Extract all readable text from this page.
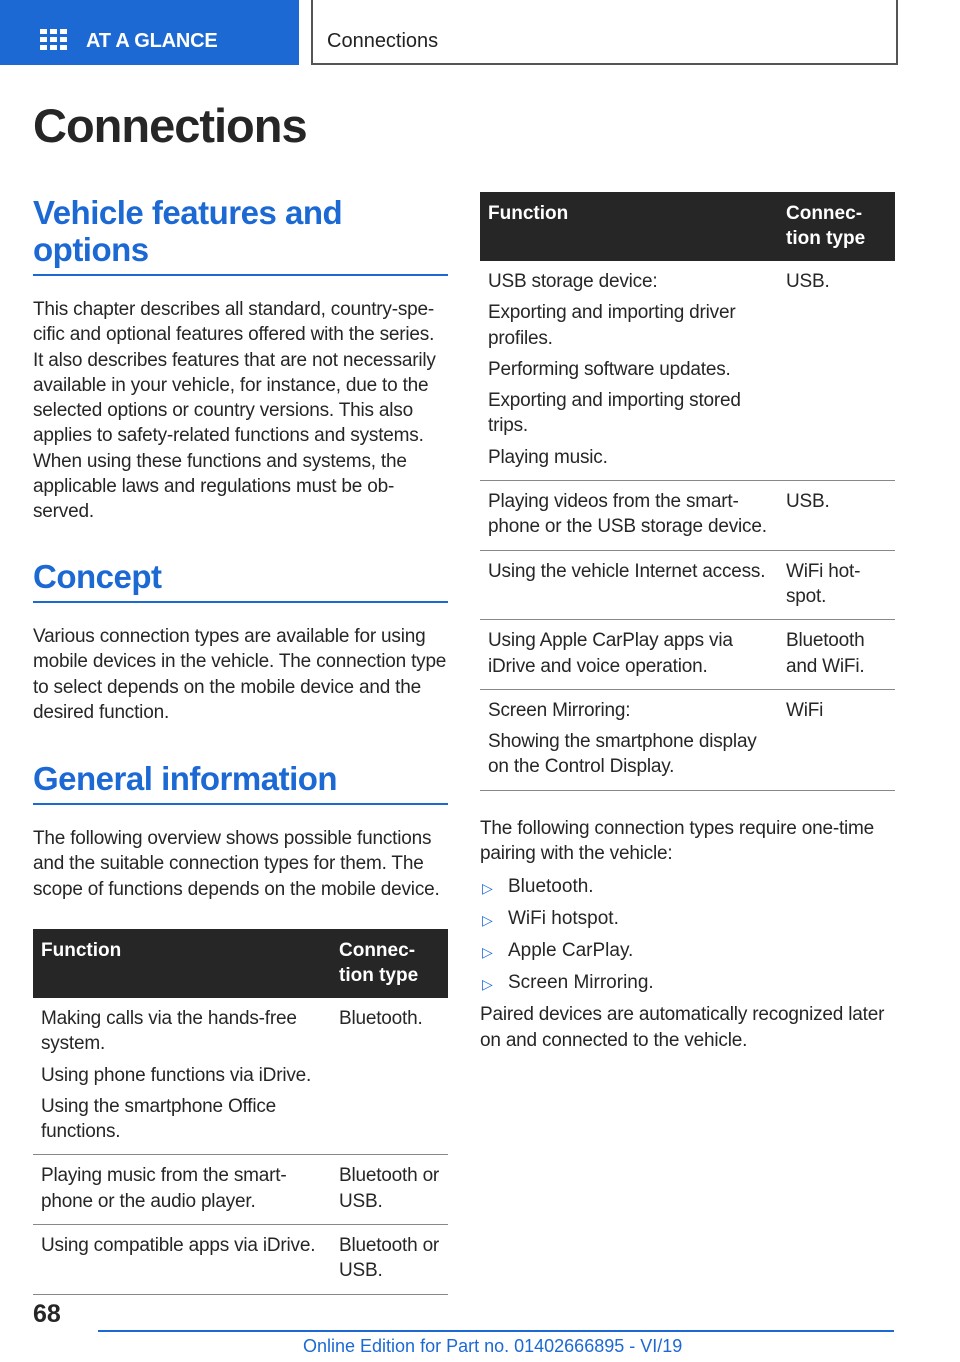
AT A GLANCE	Connections
Connections
Vehicle features and options

This chapter describes all standard, country-specific and optional features offered with the series. It also describes features that are not necessarily available in your vehicle, for instance, due to the selected options or country versions. This also applies to safety-related functions and systems. When using these functions and systems, the applicable laws and regulations must be observed.

Concept

Various connection types are available for using mobile devices in the vehicle. The connection type to select depends on the mobile device and the desired function.

General information

The following overview shows possible functions and the suitable connection types for them. The scope of functions depends on the mobile device.

Function	Connection type

Making calls via the hands-free system.

Using phone functions via iDrive.

Using the smartphone Office functions.	Bluetooth.

Playing music from the smartphone or the audio player.	Bluetooth or USB.

Using compatible apps via iDrive.	Bluetooth or USB.
Function	Connection type

USB storage device:

Exporting and importing driver profiles.

Performing software updates.

Exporting and importing stored trips.

Playing music.	USB.

Playing videos from the smartphone or the USB storage device.	USB.

Using the vehicle Internet access.	WiFi hotspot.

Using Apple CarPlay apps via iDrive and voice operation.	Bluetooth and WiFi.

Screen Mirroring:

Showing the smartphone display on the Control Display.	WiFi

The following connection types require one-time pairing with the vehicle:

▷ Bluetooth.
▷ WiFi hotspot.
▷ Apple CarPlay.
▷ Screen Mirroring.

Paired devices are automatically recognized later on and connected to the vehicle.

68
Online Edition for Part no. 01402666895 - VI/19
